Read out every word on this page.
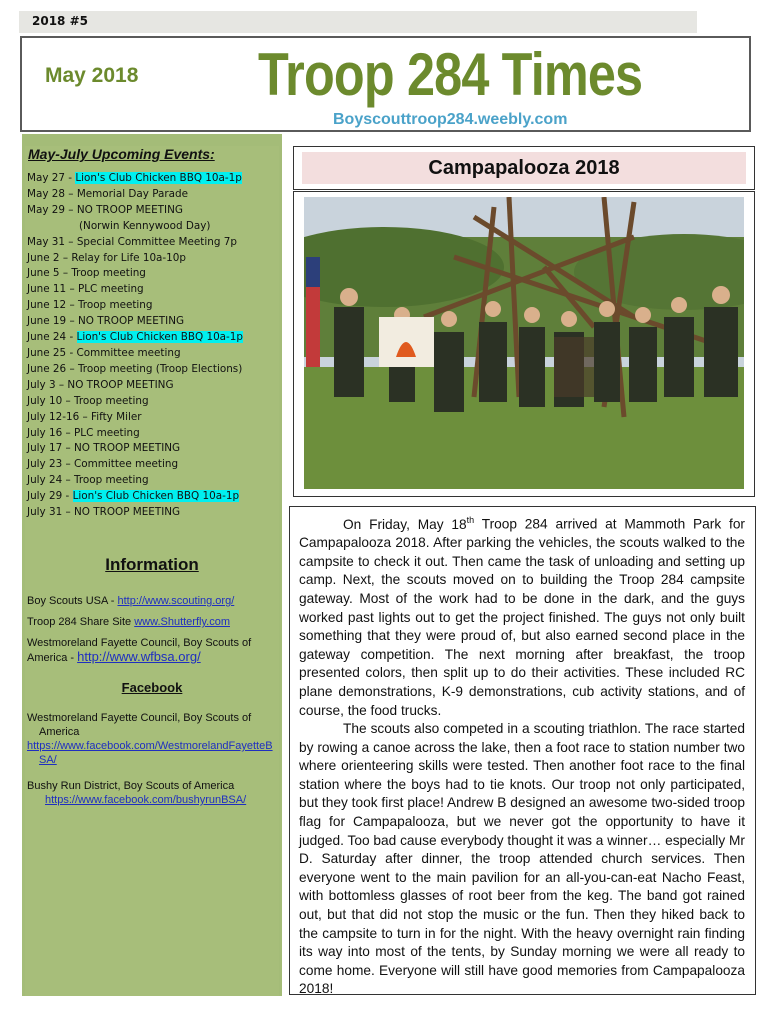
2018 #5
May 2018 Troop 284 Times
Boyscouttroop284.weebly.com
May-July Upcoming Events:
May 27 - Lion's Club Chicken BBQ 10a-1p
May 28 – Memorial Day Parade
May 29 – NO TROOP MEETING
(Norwin Kennywood Day)
May 31 – Special Committee Meeting 7p
June 2 – Relay for Life 10a-10p
June 5 – Troop meeting
June 11 – PLC meeting
June 12 – Troop meeting
June 19 – NO TROOP MEETING
June 24 - Lion's Club Chicken BBQ 10a-1p
June 25 - Committee meeting
June 26 – Troop meeting (Troop Elections)
July 3 – NO TROOP MEETING
July 10 – Troop meeting
July 12-16 – Fifty Miler
July 16 – PLC meeting
July 17 – NO TROOP MEETING
July 23 – Committee meeting
July 24 – Troop meeting
July 29 - Lion's Club Chicken BBQ 10a-1p
July 31 – NO TROOP MEETING
Information

Boy Scouts USA - http://www.scouting.org/

Troop 284 Share Site www.Shutterfly.com

Westmoreland Fayette Council, Boy Scouts of America - http://www.wfbsa.org/

Facebook

Westmoreland Fayette Council, Boy Scouts of
America
https://www.facebook.com/WestmorelandFayetteB
SA/

Bushy Run District, Boy Scouts of America
https://www.facebook.com/bushyrunBSA/

Campapalooza 2018
On Friday, May 18th Troop 284 arrived at Mammoth Park for Campapalooza 2018. After parking the vehicles, the scouts walked to the campsite to check it out. Then came the task of unloading and setting up camp. Next, the scouts moved on to building the Troop 284 campsite gateway. Most of the work had to be done in the dark, and the guys worked past lights out to get the project finished. The guys not only built something that they were proud of, but also earned second place in the gateway competition. The next morning after breakfast, the troop presented colors, then split up to do their activities. These included RC plane demonstrations, K-9 demonstrations, cub activity stations, and of course, the food trucks.
The scouts also competed in a scouting triathlon. The race started by rowing a canoe across the lake, then a foot race to station number two where orienteering skills were tested. Then another foot race to the final station where the boys had to tie knots. Our troop not only participated, but they took first place! Andrew B designed an awesome two-sided troop flag for Campapalooza, but we never got the opportunity to have it judged. Too bad cause everybody thought it was a winner… especially Mr D. Saturday after dinner, the troop attended church services. Then everyone went to the main pavilion for an all-you-can-eat Nacho Feast, with bottomless glasses of root beer from the keg. The band got rained out, but that did not stop the music or the fun. Then they hiked back to the campsite to turn in for the night. With the heavy overnight rain finding its way into most of the tents, by Sunday morning we were all ready to come home. Everyone will still have good memories from Campapalooza 2018!
